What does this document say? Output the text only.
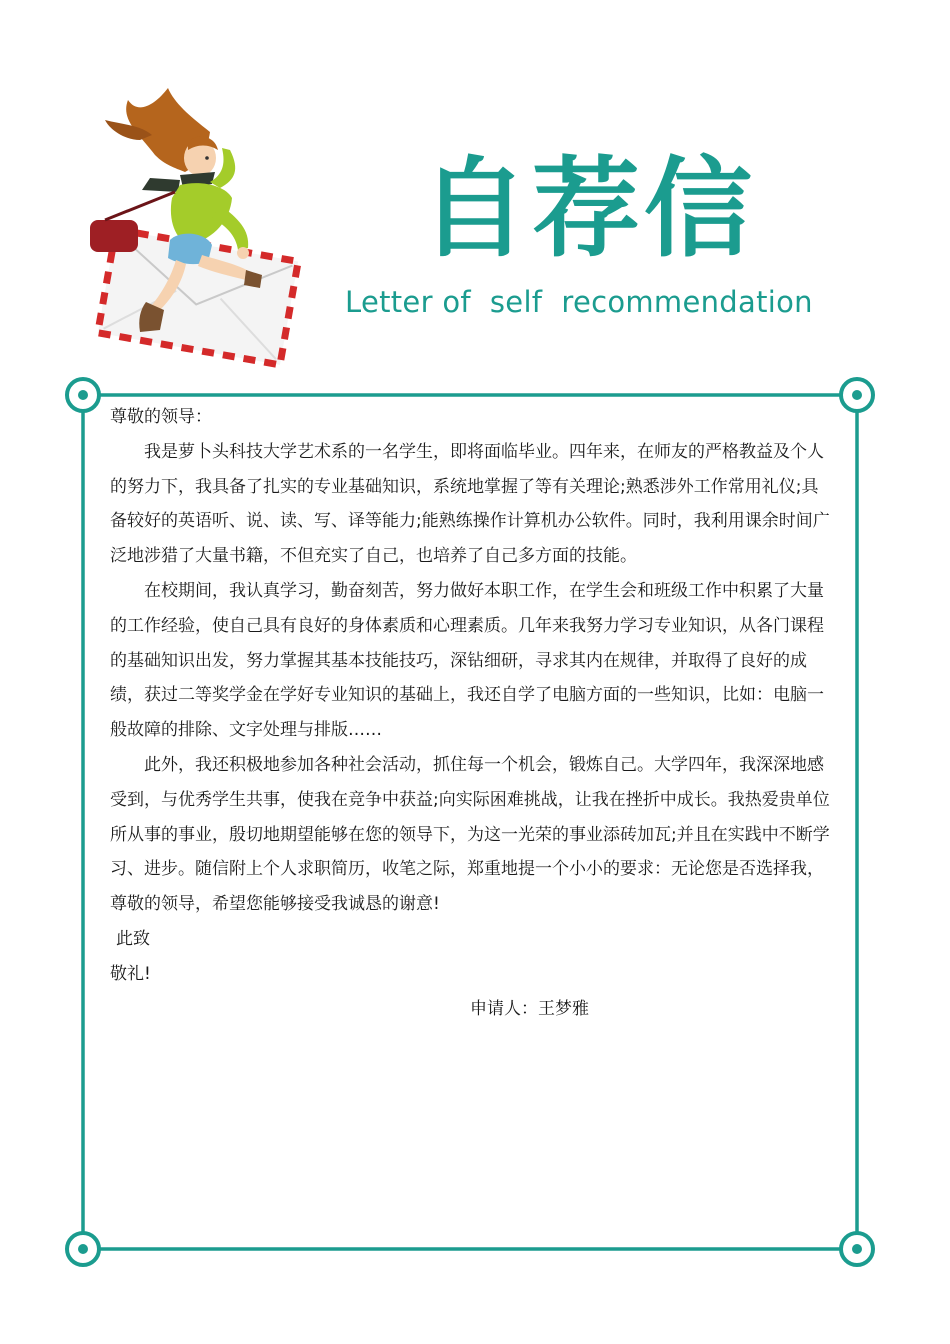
自荐信
Letter of  self  recommendation

尊敬的领导：

我是萝卜头科技大学艺术系的一名学生，即将面临毕业。四年来，在师友的严格教益及个人的努力下，我具备了扎实的专业基础知识，系统地掌握了等有关理论;熟悉涉外工作常用礼仪;具备较好的英语听、说、读、写、译等能力;能熟练操作计算机办公软件。同时，我利用课余时间广泛地涉猎了大量书籍，不但充实了自己，也培养了自己多方面的技能。

在校期间，我认真学习，勤奋刻苦，努力做好本职工作，在学生会和班级工作中积累了大量的工作经验，使自己具有良好的身体素质和心理素质。几年来我努力学习专业知识，从各门课程的基础知识出发，努力掌握其基本技能技巧，深钻细研，寻求其内在规律，并取得了良好的成绩，获过二等奖学金在学好专业知识的基础上，我还自学了电脑方面的一些知识，比如：电脑一般故障的排除、文字处理与排版……

此外，我还积极地参加各种社会活动，抓住每一个机会，锻炼自己。大学四年，我深深地感受到，与优秀学生共事，使我在竞争中获益;向实际困难挑战，让我在挫折中成长。我热爱贵单位所从事的事业，殷切地期望能够在您的领导下，为这一光荣的事业添砖加瓦;并且在实践中不断学习、进步。随信附上个人求职简历，收笔之际，郑重地提一个小小的要求：无论您是否选择我，尊敬的领导，希望您能够接受我诚恳的谢意!

此致

敬礼!

申请人：王梦雅
